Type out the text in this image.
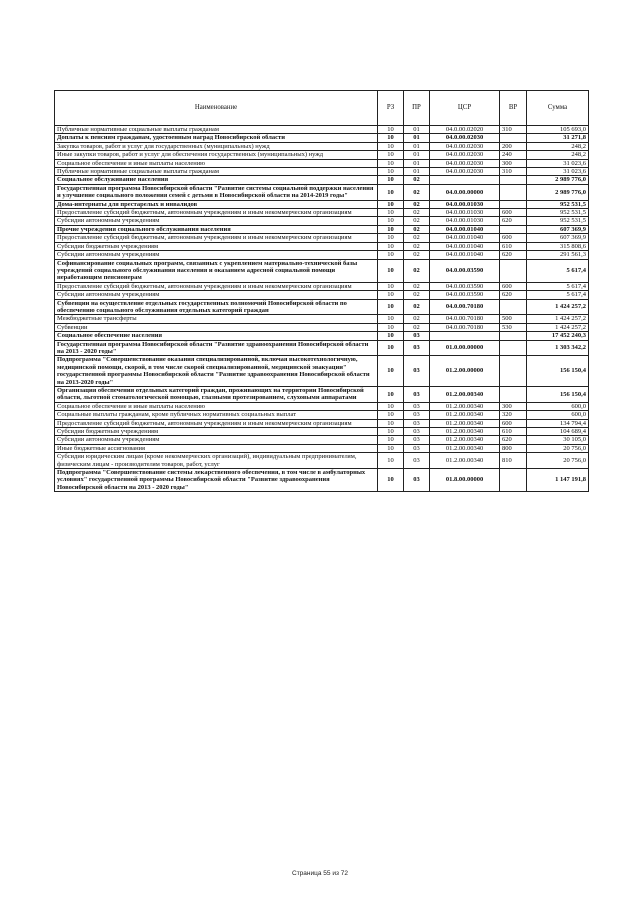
Наименование	РЗ	ПР	ЦСР	ВР	Сумма
Публичные нормативные социальные выплаты гражданам	10	01	04.0.00.02020	310	105 693,0
Доплаты к пенсиям гражданам, удостоенным наград Новосибирской области	10	01	04.0.00.02030		31 271,8
Закупка товаров, работ и услуг для государственных (муниципальных) нужд	10	01	04.0.00.02030	200	248,2
Иные закупки товаров, работ и услуг для обеспечения государственных (муниципальных) нужд	10	01	04.0.00.02030	240	248,2
Социальное обеспечение и иные выплаты населению	10	01	04.0.00.02030	300	31 023,6
Публичные нормативные социальные выплаты гражданам	10	01	04.0.00.02030	310	31 023,6
Социальное обслуживание населения	10	02			2 989 776,0
Государственная программа Новосибирской области "Развитие системы социальной поддержки населения и улучшение социального положения семей с детьми в Новосибирской области на 2014-2019 годы"	10	02	04.0.00.00000		2 989 776,0
Дома-интернаты для престарелых и инвалидов	10	02	04.0.00.01030		952 531,5
Предоставление субсидий бюджетным, автономным учреждениям и иным некоммерческим организациям	10	02	04.0.00.01030	600	952 531,5
Субсидии автономным учреждениям	10	02	04.0.00.01030	620	952 531,5
Прочие учреждения социального обслуживания населения	10	02	04.0.00.01040		607 369,9
Предоставление субсидий бюджетным, автономным учреждениям и иным некоммерческим организациям	10	02	04.0.00.01040	600	607 369,9
Субсидии бюджетным учреждениям	10	02	04.0.00.01040	610	315 808,6
Субсидии автономным учреждениям	10	02	04.0.00.01040	620	291 561,3
Софинансирование социальных программ, связанных с укреплением материально-технической базы учреждений социального обслуживания населения и оказанием адресной социальной помощи неработающим пенсионерам	10	02	04.0.00.03590		5 617,4
Предоставление субсидий бюджетным, автономным учреждениям и иным некоммерческим организациям	10	02	04.0.00.03590	600	5 617,4
Субсидии автономным учреждениям	10	02	04.0.00.03590	620	5 617,4
Субвенции на осуществление отдельных государственных полномочий Новосибирской области по обеспечению социального обслуживания отдельных категорий граждан	10	02	04.0.00.70180		1 424 257,2
Межбюджетные трансферты	10	02	04.0.00.70180	500	1 424 257,2
Субвенции	10	02	04.0.00.70180	530	1 424 257,2
Социальное обеспечение населения	10	03			17 452 240,3
Государственная программа Новосибирской области "Развитие здравоохранения Новосибирской области на 2013 - 2020 годы"	10	03	01.0.00.00000		1 303 342,2
Подпрограмма "Совершенствование оказания специализированной, включая высокотехнологичную, медицинской помощи, скорой, в том числе скорой специализированной, медицинской эвакуации" государственной программы Новосибирской области "Развитие здравоохранения Новосибирской области на 2013-2020 годы"	10	03	01.2.00.00000		156 150,4
Организация обеспечения отдельных категорий граждан, проживающих на территории Новосибирской области, льготной стоматологической помощью, глазными протезированием, слуховыми аппаратами	10	03	01.2.00.00340		156 150,4
Социальное обеспечение и иные выплаты населению	10	03	01.2.00.00340	300	600,0
Социальные выплаты гражданам, кроме публичных нормативных социальных выплат	10	03	01.2.00.00340	320	600,0
Предоставление субсидий бюджетным, автономным учреждениям и иным некоммерческим организациям	10	03	01.2.00.00340	600	134 794,4
Субсидии бюджетным учреждениям	10	03	01.2.00.00340	610	104 689,4
Субсидии автономным учреждениям	10	03	01.2.00.00340	620	30 105,0
Иные бюджетные ассигнования	10	03	01.2.00.00340	800	20 756,0
Субсидии юридическим лицам (кроме некоммерческих организаций), индивидуальным предпринимателям, физическим лицам - производителям товаров, работ, услуг	10	03	01.2.00.00340	810	20 756,0
Подпрограмма "Совершенствование системы лекарственного обеспечения, в том числе в амбулаторных условиях" государственной программы Новосибирской области "Развитие здравоохранения Новосибирской области на 2013 - 2020 годы"	10	03	01.8.00.00000		1 147 191,8
Страница 55 из 72
